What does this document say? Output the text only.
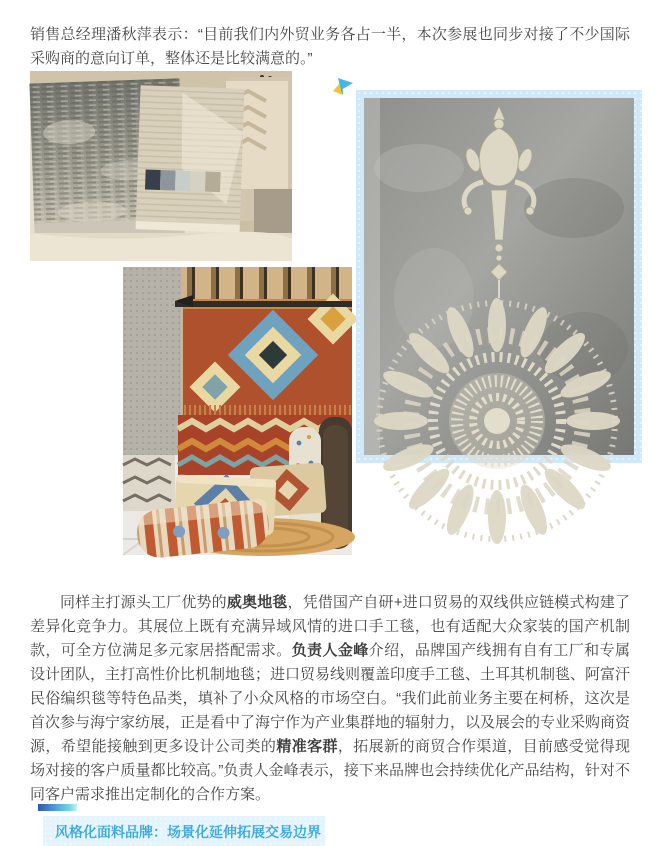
销售总经理潘秋萍表示：“目前我们内外贸业务各占一半，本次参展也同步对接了不少国际采购商的意向订单，整体还是比较满意的。”

同样主打源头工厂优势的威奥地毯，凭借国产自研+进口贸易的双线供应链模式构建了差异化竞争力。其展位上既有充满异域风情的进口手工毯，也有适配大众家装的国产机制款，可全方位满足多元家居搭配需求。负责人金峰介绍，品牌国产线拥有自有工厂和专属设计团队，主打高性价比机制地毯；进口贸易线则覆盖印度手工毯、土耳其机制毯、阿富汗民俗编织毯等特色品类，填补了小众风格的市场空白。“我们此前业务主要在柯桥，这次是首次参与海宁家纺展，正是看中了海宁作为产业集群地的辐射力，以及展会的专业采购商资源，希望能接触到更多设计公司类的精准客群，拓展新的商贸合作渠道，目前感受觉得现场对接的客户质量都比较高。”负责人金峰表示，接下来品牌也会持续优化产品结构，针对不同客户需求推出定制化的合作方案。

风格化面料品牌：场景化延伸拓展交易边界
